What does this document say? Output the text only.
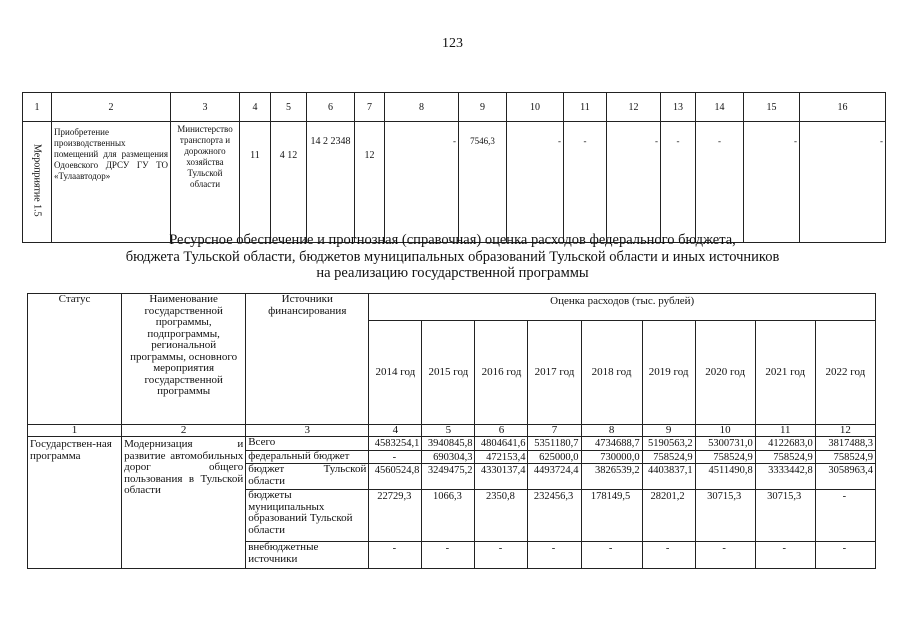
123
1	2	3	4	5	6	7	8	9	10	11	12	13	14	15	16
Мероприятие 1.5	Приобретение производственных помещений для размещения Одоевского ДРСУ ГУ ТО «Тулаавтодор»	Министерство транспорта и дорожного хозяйства Тульской области	11	4 12	14 2 2348	12	-	7546,3	-	-	-	-	-	-	-
Ресурсное обеспечение и прогнозная (справочная) оценка расходов федерального бюджета,
бюджета Тульской области, бюджетов муниципальных образований Тульской области и иных источников
на реализацию государственной программы
Статус	Наименование государственной программы, подпрограммы, региональной программы, основного мероприятия государственной программы	Источники финансирования	Оценка расходов (тыс. рублей)								
			2014 год	2015 год	2016 год	2017 год	2018 год	2019 год	2020 год	2021 год	2022 год
1	2	3	4	5	6	7	8	9	10	11	12
Государствен-ная программа	Модернизация и развитие автомобильных дорог общего пользования в Тульской области	Всего	4583254,1	3940845,8	4804641,6	5351180,7	4734688,7	5190563,2	5300731,0	4122683,0	3817488,3
		федеральный бюджет	-	690304,3	472153,4	625000,0	730000,0	758524,9	758524,9	758524,9	758524,9
		бюджет Тульской области	4560524,8	3249475,2	4330137,4	4493724,4	3826539,2	4403837,1	4511490,8	3333442,8	3058963,4
		бюджеты муниципальных образований Тульской области	22729,3	1066,3	2350,8	232456,3	178149,5	28201,2	30715,3	30715,3	-
		внебюджетные источники	-	-	-	-	-	-	-	-	-
